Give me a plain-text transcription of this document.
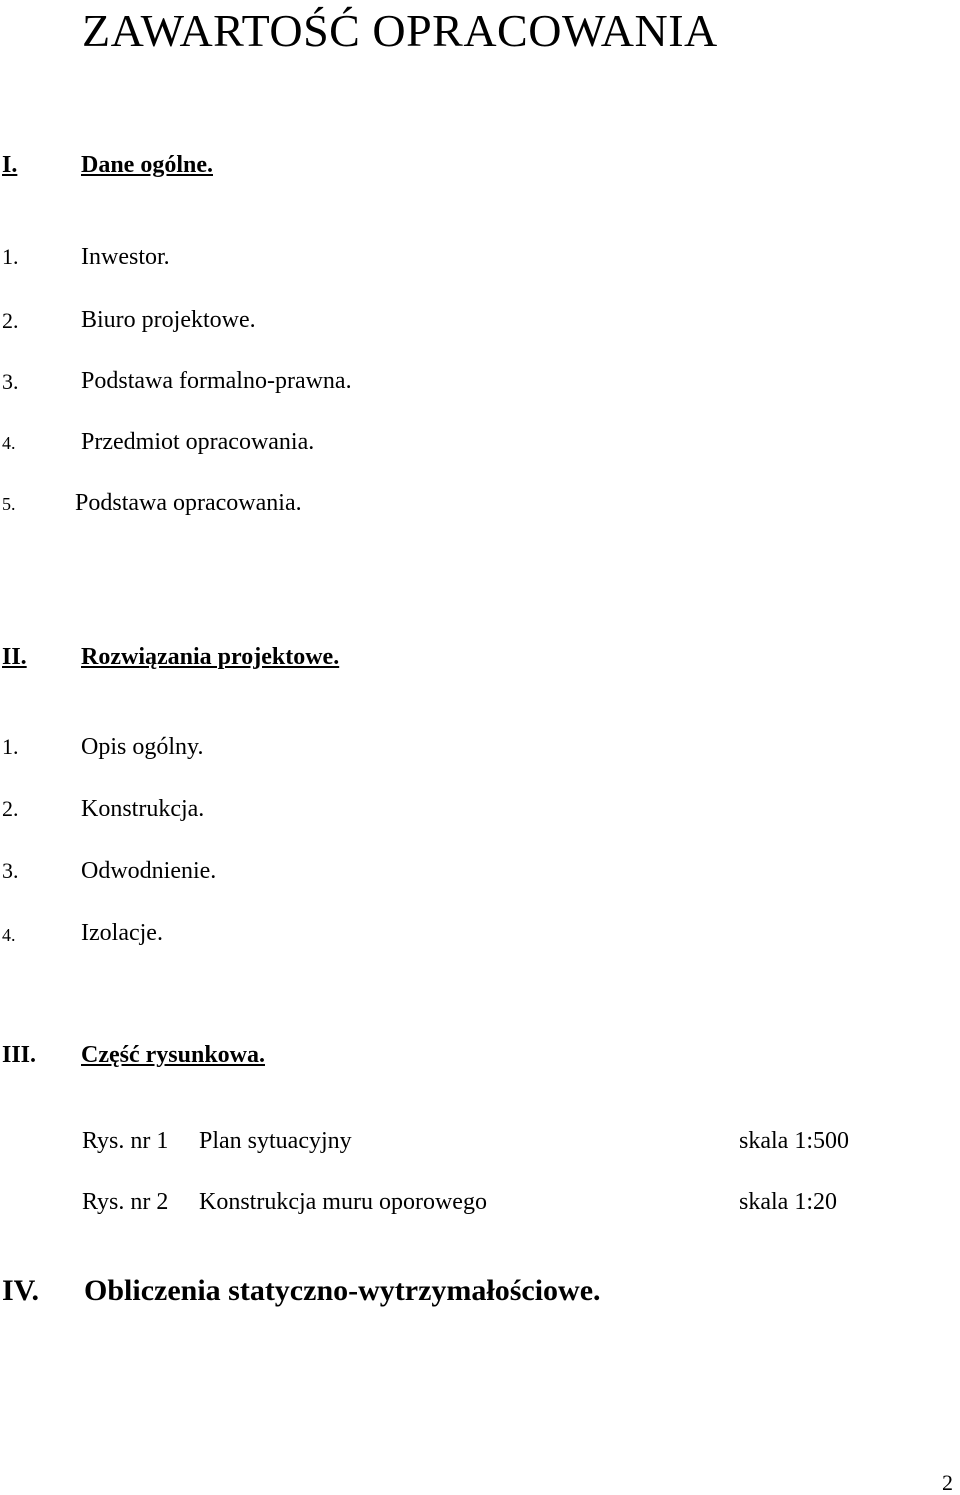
ZAWARTOŚĆ OPRACOWANIA
I.	Dane ogólne.
1.	Inwestor.
2.	Biuro projektowe.
3.	Podstawa formalno-prawna.
4.	Przedmiot opracowania.
5. Podstawa opracowania.
II. Rozwiązania projektowe.
1.	Opis ogólny.
2.	Konstrukcja.
3.	Odwodnienie.
4.	Izolacje.
III. Część rysunkowa.
Rys. nr 1 Plan sytuacyjny	skala 1:500
Rys. nr 2 Konstrukcja muru oporowego	skala 1:20
IV. Obliczenia statyczno-wytrzymałościowe.
2
